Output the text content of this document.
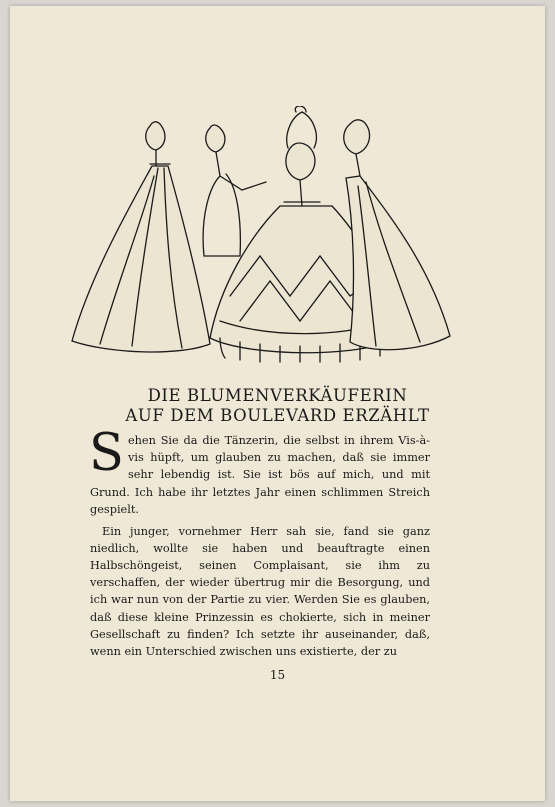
DIE BLUMENVERKÄUFERIN
AUF DEM BOULEVARD ERZÄHLT

Sehen Sie da die Tänzerin, die selbst in ihrem Vis-à-vis hüpft, um glauben zu machen, daß sie immer sehr lebendig ist. Sie ist bös auf mich, und mit Grund. Ich habe ihr letztes Jahr einen schlimmen Streich gespielt.

Ein junger, vornehmer Herr sah sie, fand sie ganz niedlich, wollte sie haben und beauftragte einen Halbschöngeist, seinen Complaisant, sie ihm zu verschaffen, der wieder übertrug mir die Besorgung, und ich war nun von der Partie zu vier. Werden Sie es glauben, daß diese kleine Prinzessin es chokierte, sich in meiner Gesellschaft zu finden? Ich setzte ihr auseinander, daß, wenn ein Unterschied zwischen uns existierte, der zu

15
